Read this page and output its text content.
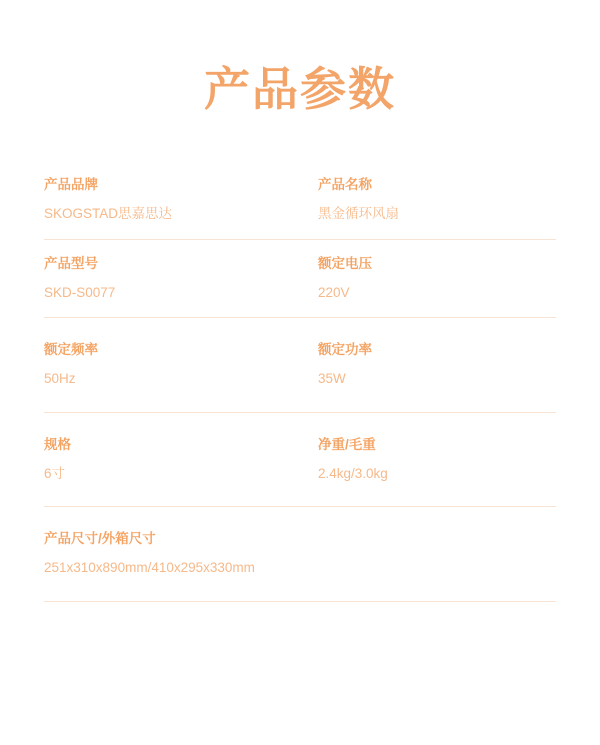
产品参数
产品品牌
SKOGSTAD思嘉思达
产品名称
黑金循环风扇
产品型号
SKD-S0077
额定电压
220V
额定频率
50Hz
额定功率
35W
规格
6寸
净重/毛重
2.4kg/3.0kg
产品尺寸/外箱尺寸
251x310x890mm/410x295x330mm
